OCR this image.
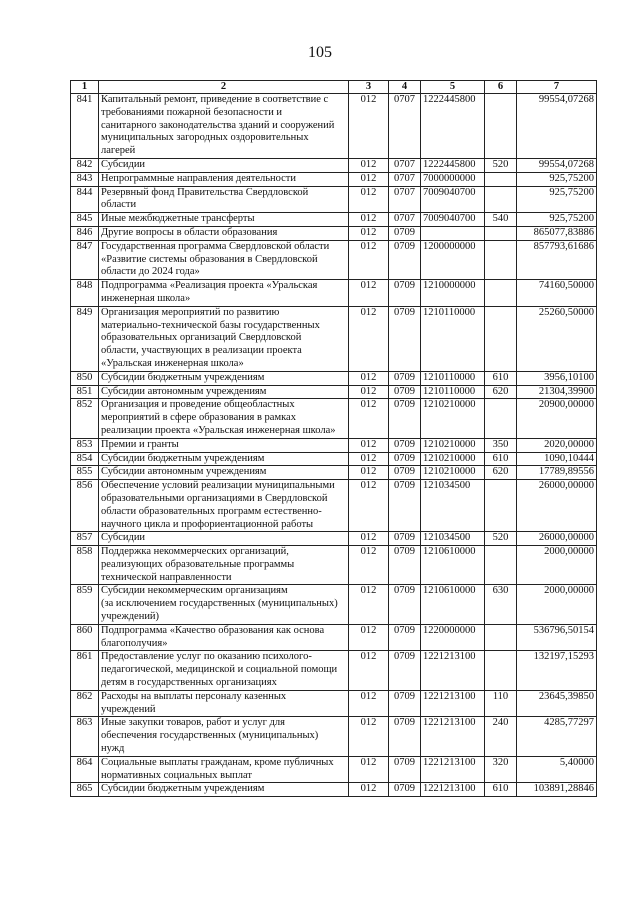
105
1	2	3	4	5	6	7
841	Капитальный ремонт, приведение в соответствие с
требованиями пожарной безопасности и
санитарного законодательства зданий и сооружений
муниципальных загородных оздоровительных
лагерей	012	0707	1222445800		99554,07268
842	Субсидии	012	0707	1222445800	520	99554,07268
843	Непрограммные направления деятельности	012	0707	7000000000		925,75200
844	Резервный фонд Правительства Свердловской
области	012	0707	7009040700		925,75200
845	Иные межбюджетные трансферты	012	0707	7009040700	540	925,75200
846	Другие вопросы в области образования	012	0709			865077,83886
847	Государственная программа Свердловской области
«Развитие системы образования в Свердловской
области до 2024 года»	012	0709	1200000000		857793,61686
848	Подпрограмма «Реализация проекта «Уральская
инженерная школа»	012	0709	1210000000		74160,50000
849	Организация мероприятий по развитию
материально-технической базы государственных
образовательных организаций Свердловской
области, участвующих в реализации проекта
«Уральская инженерная школа»	012	0709	1210110000		25260,50000
850	Субсидии бюджетным учреждениям	012	0709	1210110000	610	3956,10100
851	Субсидии автономным учреждениям	012	0709	1210110000	620	21304,39900
852	Организация и проведение общеобластных
мероприятий в сфере образования в рамках
реализации проекта «Уральская инженерная школа»	012	0709	1210210000		20900,00000
853	Премии и гранты	012	0709	1210210000	350	2020,00000
854	Субсидии бюджетным учреждениям	012	0709	1210210000	610	1090,10444
855	Субсидии автономным учреждениям	012	0709	1210210000	620	17789,89556
856	Обеспечение условий реализации муниципальными
образовательными организациями в Свердловской
области образовательных программ естественно-
научного цикла и профориентационной работы	012	0709	121034500		26000,00000
857	Субсидии	012	0709	121034500	520	26000,00000
858	Поддержка некоммерческих организаций,
реализующих образовательные программы
технической направленности	012	0709	1210610000		2000,00000
859	Субсидии некоммерческим организациям
(за исключением государственных (муниципальных)
учреждений)	012	0709	1210610000	630	2000,00000
860	Подпрограмма «Качество образования как основа
благополучия»	012	0709	1220000000		536796,50154
861	Предоставление услуг по оказанию психолого-
педагогической, медицинской и социальной помощи
детям в государственных организациях	012	0709	1221213100		132197,15293
862	Расходы на выплаты персоналу казенных
учреждений	012	0709	1221213100	110	23645,39850
863	Иные закупки товаров, работ и услуг для
обеспечения государственных (муниципальных)
нужд	012	0709	1221213100	240	4285,77297
864	Социальные выплаты гражданам, кроме публичных
нормативных социальных выплат	012	0709	1221213100	320	5,40000
865	Субсидии бюджетным учреждениям	012	0709	1221213100	610	103891,28846
